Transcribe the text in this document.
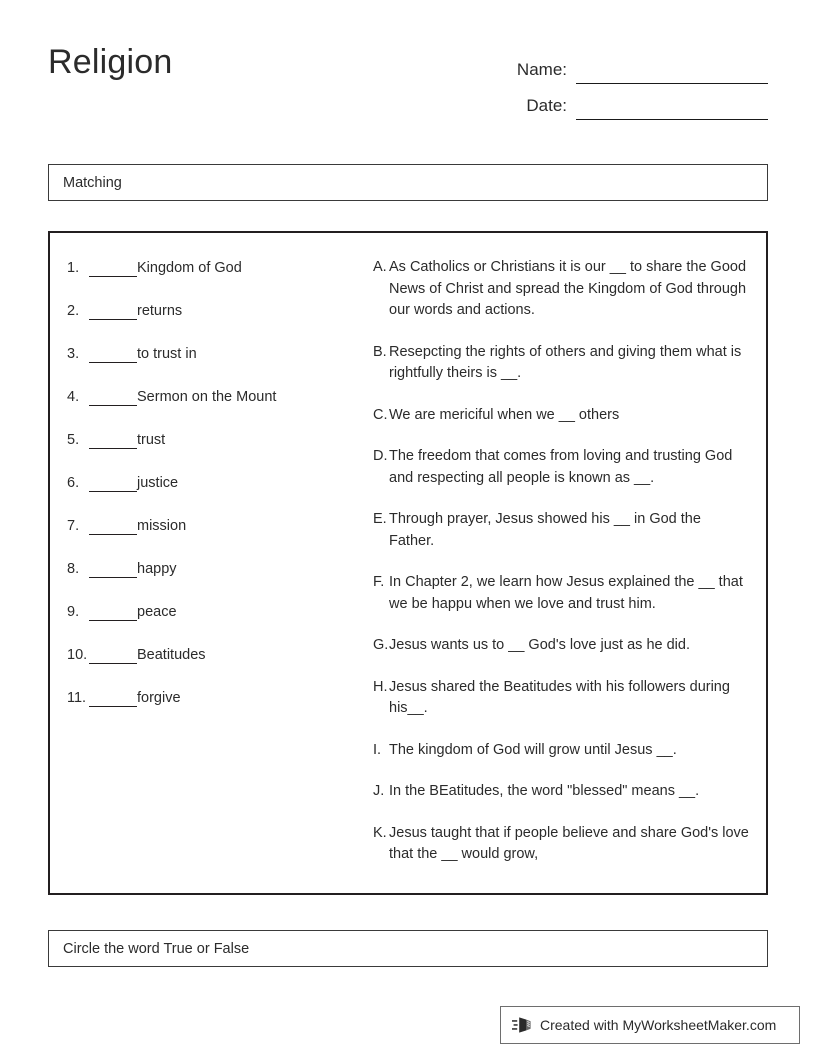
Religion	Name:
Date:
Matching
1.	Kingdom of God
2.	returns
3.	to trust in
4.	Sermon on the Mount
5.	trust
6.	justice
7.	mission
8.	happy
9.	peace
10.	Beatitudes
11.	forgive
A. As Catholics or Christians it is our __ to share the Good News of Christ and spread the Kingdom of God through our words and actions.
B. Resepcting the rights of others and giving them what is rightfully theirs is __.
C. We are mericiful when we __ others
D. The freedom that comes from loving and trusting God and respecting all people is known as __.
E. Through prayer, Jesus showed his __ in God the Father.
F. In Chapter 2, we learn how Jesus explained the __ that we be happu when we love and trust him.
G. Jesus wants us to __ God's love just as he did.
H. Jesus shared the Beatitudes with his followers during his__.
I. The kingdom of God will grow until Jesus __.
J. In the BEatitudes, the word "blessed" means __.
K. Jesus taught that if people believe and share God's love that the __ would grow,
Circle the word True or False
Created with MyWorksheetMaker.com
